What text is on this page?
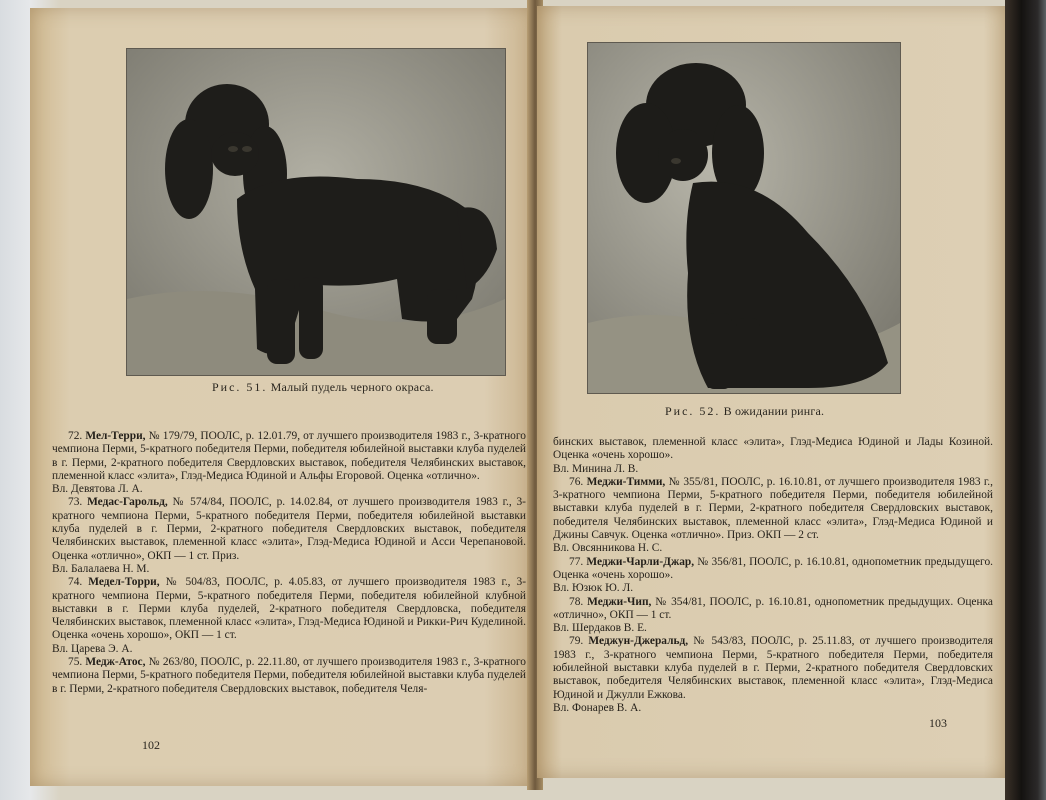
Рис. 51. Малый пудель черного окраса.

72. Мел-Терри, № 179/79, ПООЛС, р. 12.01.79, от лучшего производителя 1983 г., 3-кратного чемпиона Перми, 5-кратного победителя Перми, победителя юбилейной выставки клуба пуделей в г. Перми, 2-кратного победителя Свердловских выставок, победителя Челябинских выставок, племенной класс «элита», Глэд-Медиса Юдиной и Альфы Егоровой. Оценка «отлично».

Вл. Девятова Л. А.

73. Медас-Гарольд, № 574/84, ПООЛС, р. 14.02.84, от лучшего производителя 1983 г., 3-кратного чемпиона Перми, 5-кратного победителя Перми, победителя юбилейной выставки клуба пуделей в г. Перми, 2-кратного победителя Свердловских выставок, победителя Челябинских выставок, племенной класс «элита», Глэд-Медиса Юдиной и Асси Черепановой. Оценка «отлично», ОКП — 1 ст. Приз.

Вл. Балалаева Н. М.

74. Медел-Торри, № 504/83, ПООЛС, р. 4.05.83, от лучшего производителя 1983 г., 3-кратного чемпиона Перми, 5-кратного победителя Перми, победителя юбилейной клубной выставки в г. Перми клуба пуделей, 2-кратного победителя Свердловска, победителя Челябинских выставок, племенной класс «элита», Глэд-Медиса Юдиной и Рикки-Рич Куделиной. Оценка «очень хорошо», ОКП — 1 ст.

Вл. Царева Э. А.

75. Медж-Атос, № 263/80, ПООЛС, р. 22.11.80, от лучшего производителя 1983 г., 3-кратного чемпиона Перми, 5-кратного победителя Перми, победителя юбилейной выставки клуба пуделей в г. Перми, 2-кратного победителя Свердловских выставок, победителя Челя-

102
Рис. 52. В ожидании ринга.

бинских выставок, племенной класс «элита», Глэд-Медиса Юдиной и Лады Козиной. Оценка «очень хорошо».

Вл. Минина Л. В.

76. Меджи-Тимми, № 355/81, ПООЛС, р. 16.10.81, от лучшего производителя 1983 г., 3-кратного чемпиона Перми, 5-кратного победителя Перми, победителя юбилейной выставки клуба пуделей в г. Перми, 2-кратного победителя Свердловских выставок, победителя Челябинских выставок, племенной класс «элита», Глэд-Медиса Юдиной и Джины Савчук. Оценка «отлично». Приз. ОКП — 2 ст.

Вл. Овсянникова Н. С.

77. Меджи-Чарли-Джар, № 356/81, ПООЛС, р. 16.10.81, однопометник предыдущего. Оценка «очень хорошо».

Вл. Юзюк Ю. Л.

78. Меджи-Чип, № 354/81, ПООЛС, р. 16.10.81, однопометник предыдущих. Оценка «отлично», ОКП — 1 ст.

Вл. Шердаков В. Е.

79. Меджун-Джеральд, № 543/83, ПООЛС, р. 25.11.83, от лучшего производителя 1983 г., 3-кратного чемпиона Перми, 5-кратного победителя Перми, победителя юбилейной выставки клуба пуделей в г. Перми, 2-кратного победителя Свердловских выставок, победителя Челябинских выставок, племенной класс «элита», Глэд-Медиса Юдиной и Джулли Ежкова.

Вл. Фонарев В. А.

103
